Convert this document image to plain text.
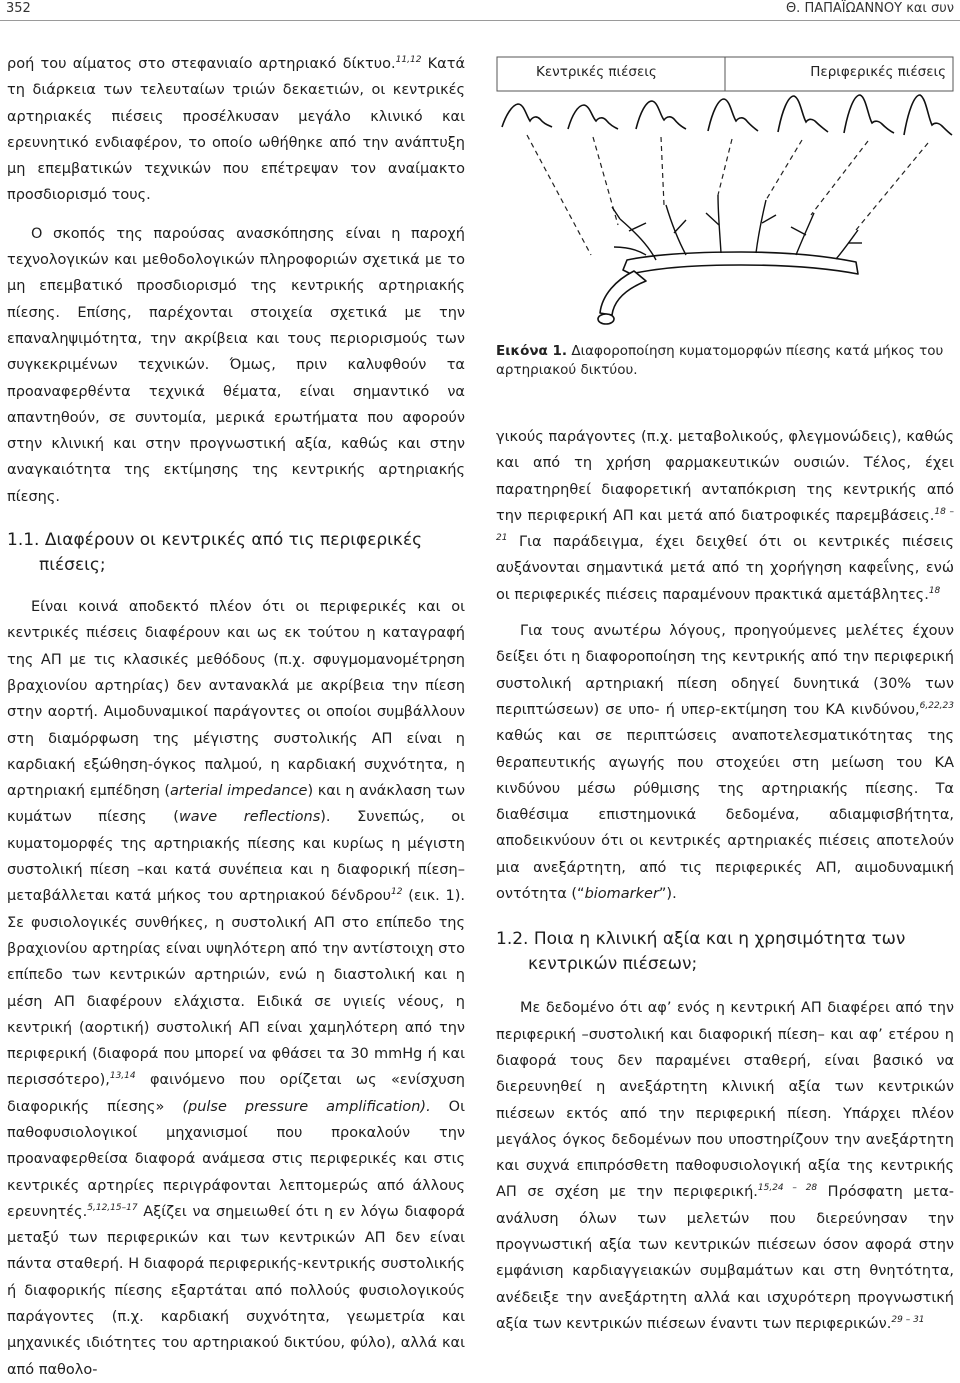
352	Θ. ΠΑΠΑΪΩΑΝΝΟΥ και συν

ροή του αίματος στο στεφανιαίο αρτηριακό δίκτυο.$^{11,12}$ Κατά τη διάρκεια των τελευταίων τριών δεκαετιών, οι κεντρικές αρτηριακές πιέσεις προσέλκυσαν μεγάλο κλινικό και ερευνητικό ενδιαφέρον, το οποίο ωθήθηκε από την ανάπτυξη μη επεμβατικών τεχνικών που επέτρεψαν τον αναίμακτο προσδιορισμό τους.

Ο σκοπός της παρούσας ανασκόπησης είναι η παροχή τεχνολογικών και μεθοδολογικών πληροφοριών σχετικά με το μη επεμβατικό προσδιορισμό της κεντρικής αρτηριακής πίεσης. Επίσης, παρέχονται στοιχεία σχετικά με την επαναληψιμότητα, την ακρίβεια και τους περιορισμούς των συγκεκριμένων τεχνικών. Όμως, πριν καλυφθούν τα προαναφερθέντα τεχνικά θέματα, είναι σημαντικό να απαντηθούν, σε συντομία, μερικά ερωτήματα που αφορούν στην κλινική και στην προγνωστική αξία, καθώς και στην αναγκαιότητα της εκτίμησης της κεντρικής αρτηριακής πίεσης.

1.1. Διαφέρουν οι κεντρικές από τις περιφερικές πιέσεις;

Είναι κοινά αποδεκτό πλέον ότι οι περιφερικές και οι κεντρικές πιέσεις διαφέρουν και ως εκ τούτου η καταγραφή της ΑΠ με τις κλασικές μεθόδους (π.χ. σφυγμομανομέτρηση βραχιονίου αρτηρίας) δεν αντανακλά με ακρίβεια την πίεση στην αορτή. Αιμοδυναμικοί παράγοντες οι οποίοι συμβάλλουν στη διαμόρφωση της μέγιστης συστολικής ΑΠ είναι η καρδιακή εξώθηση-όγκος παλμού, η καρδιακή συχνότητα, η αρτηριακή εμπέδηση (arterial impedance) και η ανάκλαση των κυμάτων πίεσης (wave reflections). Συνεπώς, οι κυματομορφές της αρτηριακής πίεσης και κυρίως η μέγιστη συστολική πίεση –και κατά συνέπεια και η διαφορική πίεση– μεταβάλλεται κατά μήκος του αρτηριακού δένδρου$^{12}$ (εικ. 1). Σε φυσιολογικές συνθήκες, η συστολική ΑΠ στο επίπεδο της βραχιονίου αρτηρίας είναι υψηλότερη από την αντίστοιχη στο επίπεδο των κεντρικών αρτηριών, ενώ η διαστολική και η μέση ΑΠ διαφέρουν ελάχιστα. Ειδικά σε υγιείς νέους, η κεντρική (αορτική) συστολική ΑΠ είναι χαμηλότερη από την περιφερική (διαφορά που μπορεί να φθάσει τα 30 mmHg ή και περισσότερο),$^{13,14}$ φαινόμενο που ορίζεται ως «ενίσχυση διαφορικής πίεσης» (pulse pressure amplification). Οι παθοφυσιολογικοί μηχανισμοί που προκαλούν την προαναφερθείσα διαφορά ανάμεσα στις περιφερικές και στις κεντρικές αρτηρίες περιγράφονται λεπτομερώς από άλλους ερευνητές.$^{5,12,15-17}$ Αξίζει να σημειωθεί ότι η εν λόγω διαφορά μεταξύ των περιφερικών και των κεντρικών ΑΠ δεν είναι πάντα σταθερή. Η διαφορά περιφερικής-κεντρικής συστολικής ή διαφορικής πίεσης εξαρτάται από πολλούς φυσιολογικούς παράγοντες (π.χ. καρδιακή συχνότητα, γεωμετρία και μηχανικές ιδιότητες του αρτηριακού δικτύου, φύλο), αλλά και από παθολο-

Κεντρικές πιέσεις	Περιφερικές πιέσεις
Εικόνα 1. Διαφοροποίηση κυματομορφών πίεσης κατά μήκος του αρτηριακού δικτύου.

γικούς παράγοντες (π.χ. μεταβολικούς, φλεγμονώδεις), καθώς και από τη χρήση φαρμακευτικών ουσιών. Τέλος, έχει παρατηρηθεί διαφορετική ανταπόκριση της κεντρικής από την περιφερική ΑΠ και μετά από διατροφικές παρεμβάσεις.$^{18 - 21}$ Για παράδειγμα, έχει δειχθεί ότι οι κεντρικές πιέσεις αυξάνονται σημαντικά μετά από τη χορήγηση καφεΐνης, ενώ οι περιφερικές πιέσεις παραμένουν πρακτικά αμετάβλητες.$^{18}$

Για τους ανωτέρω λόγους, προηγούμενες μελέτες έχουν δείξει ότι η διαφοροποίηση της κεντρικής από την περιφερική συστολική αρτηριακή πίεση οδηγεί δυνητικά (30% των περιπτώσεων) σε υπο- ή υπερ-εκτίμηση του ΚΑ κινδύνου,$^{6,22,23}$ καθώς και σε περιπτώσεις αναποτελεσματικότητας της θεραπευτικής αγωγής που στοχεύει στη μείωση του ΚΑ κινδύνου μέσω ρύθμισης της αρτηριακής πίεσης. Τα διαθέσιμα επιστημονικά δεδομένα, αδιαμφισβήτητα, αποδεικνύουν ότι οι κεντρικές αρτηριακές πιέσεις αποτελούν μια ανεξάρτητη, από τις περιφερικές ΑΠ, αιμοδυναμική οντότητα (“biomarker”).

1.2. Ποια η κλινική αξία και η χρησιμότητα των κεντρικών πιέσεων;

Με δεδομένο ότι αφ’ ενός η κεντρική ΑΠ διαφέρει από την περιφερική –συστολική και διαφορική πίεση– και αφ’ ετέρου η διαφορά τους δεν παραμένει σταθερή, είναι βασικό να διερευνηθεί η ανεξάρτητη κλινική αξία των κεντρικών πιέσεων εκτός από την περιφερική πίεση. Υπάρχει πλέον μεγάλος όγκος δεδομένων που υποστηρίζουν την ανεξάρτητη και συχνά επιπρόσθετη παθοφυσιολογική αξία της κεντρικής ΑΠ σε σχέση με την περιφερική.$^{15,24 - 28}$ Πρόσφατη μετα-ανάλυση όλων των μελετών που διερεύνησαν την προγνωστική αξία των κεντρικών πιέσεων όσον αφορά στην εμφάνιση καρδιαγγειακών συμβαμάτων και στη θνητότητα, ανέδειξε την ανεξάρτητη αλλά και ισχυρότερη προγνωστική αξία των κεντρικών πιέσεων έναντι των περιφερικών.$^{29 - 31}$
